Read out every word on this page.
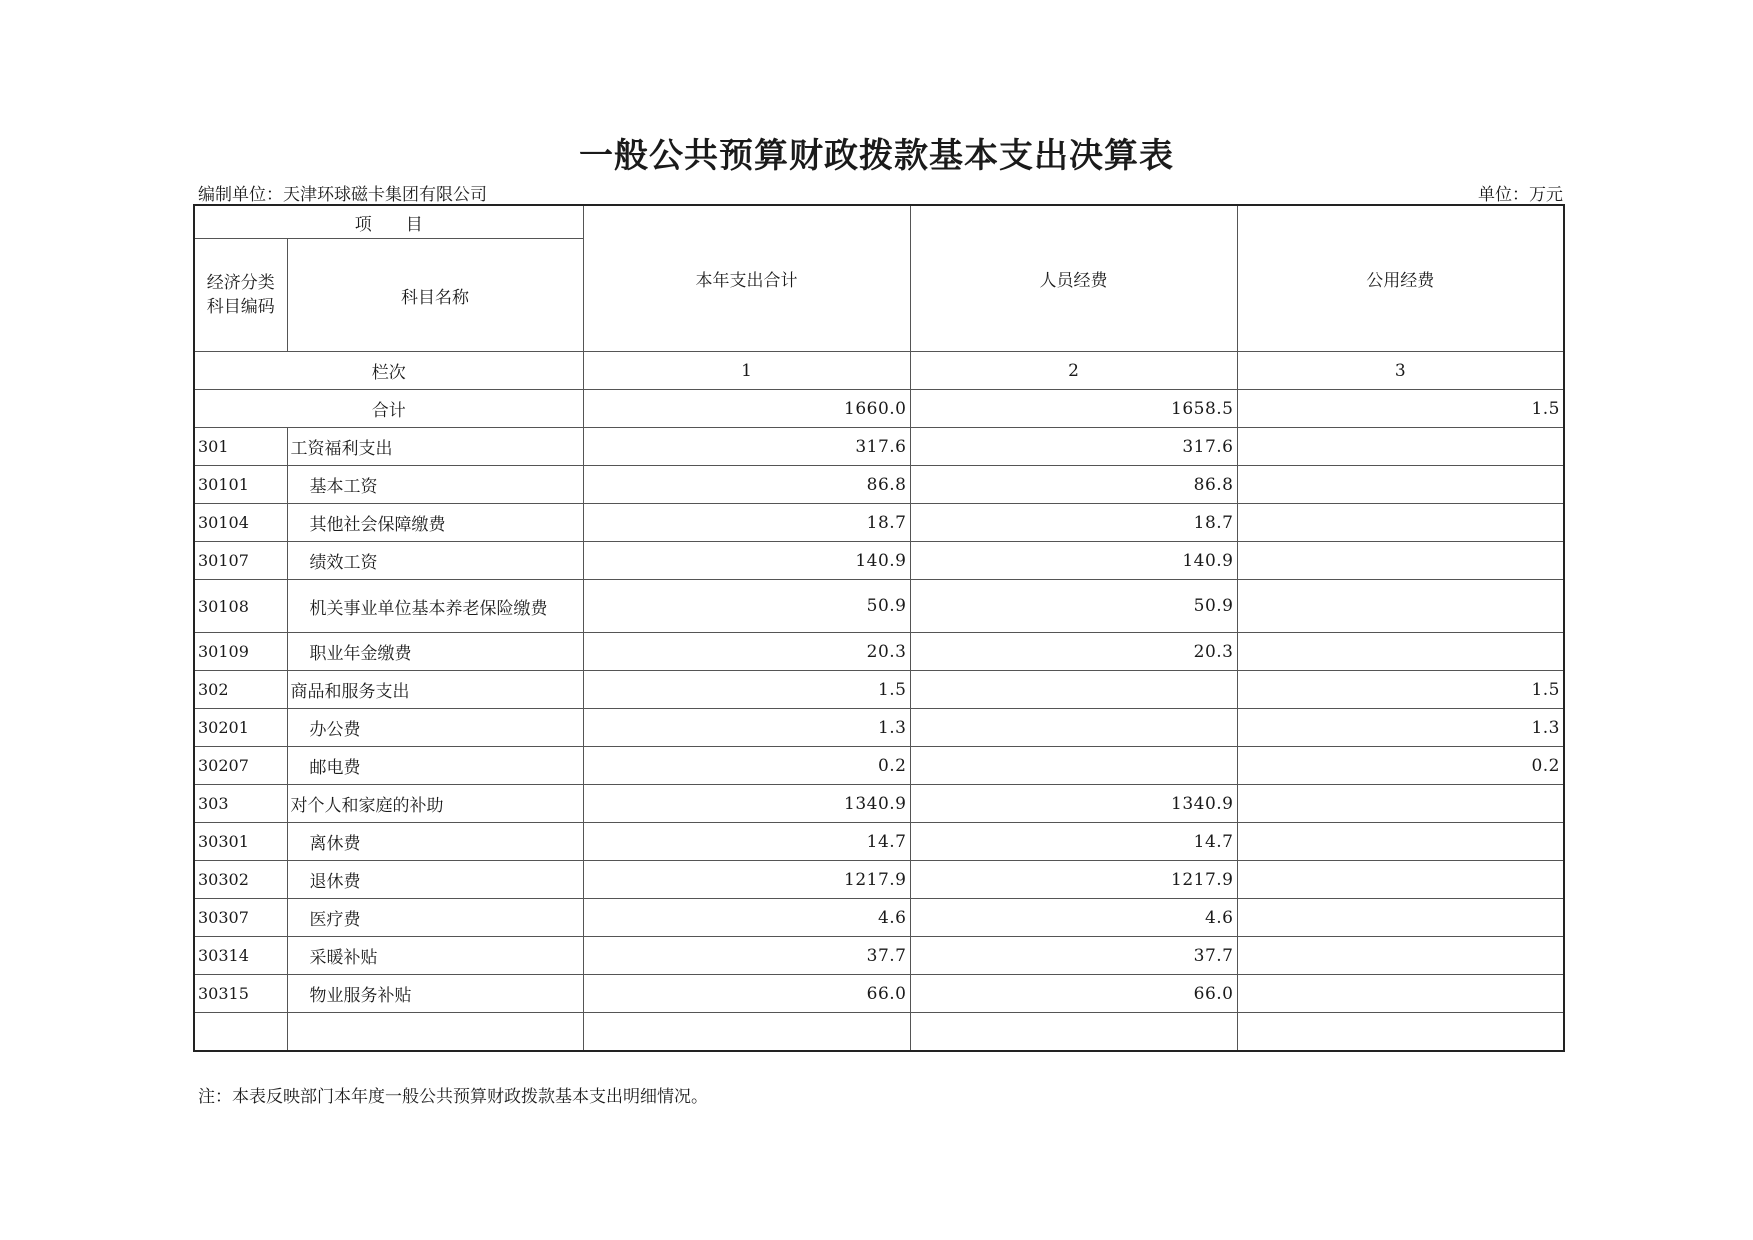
一般公共预算财政拨款基本支出决算表
编制单位：天津环球磁卡集团有限公司	单位：万元
项　　目		本年支出合计	人员经费	公用经费
经济分类
科目编码	科目名称			
栏次		1	2	3
合计		1660.0	1658.5	1.5
301	工资福利支出	317.6	317.6	
30101	基本工资	86.8	86.8	
30104	其他社会保障缴费	18.7	18.7	
30107	绩效工资	140.9	140.9	
30108	机关事业单位基本养老保险缴费	50.9	50.9	
30109	职业年金缴费	20.3	20.3	
302	商品和服务支出	1.5		1.5
30201	办公费	1.3		1.3
30207	邮电费	0.2		0.2
303	对个人和家庭的补助	1340.9	1340.9	
30301	离休费	14.7	14.7	
30302	退休费	1217.9	1217.9	
30307	医疗费	4.6	4.6	
30314	采暖补贴	37.7	37.7	
30315	物业服务补贴	66.0	66.0	

注：本表反映部门本年度一般公共预算财政拨款基本支出明细情况。
